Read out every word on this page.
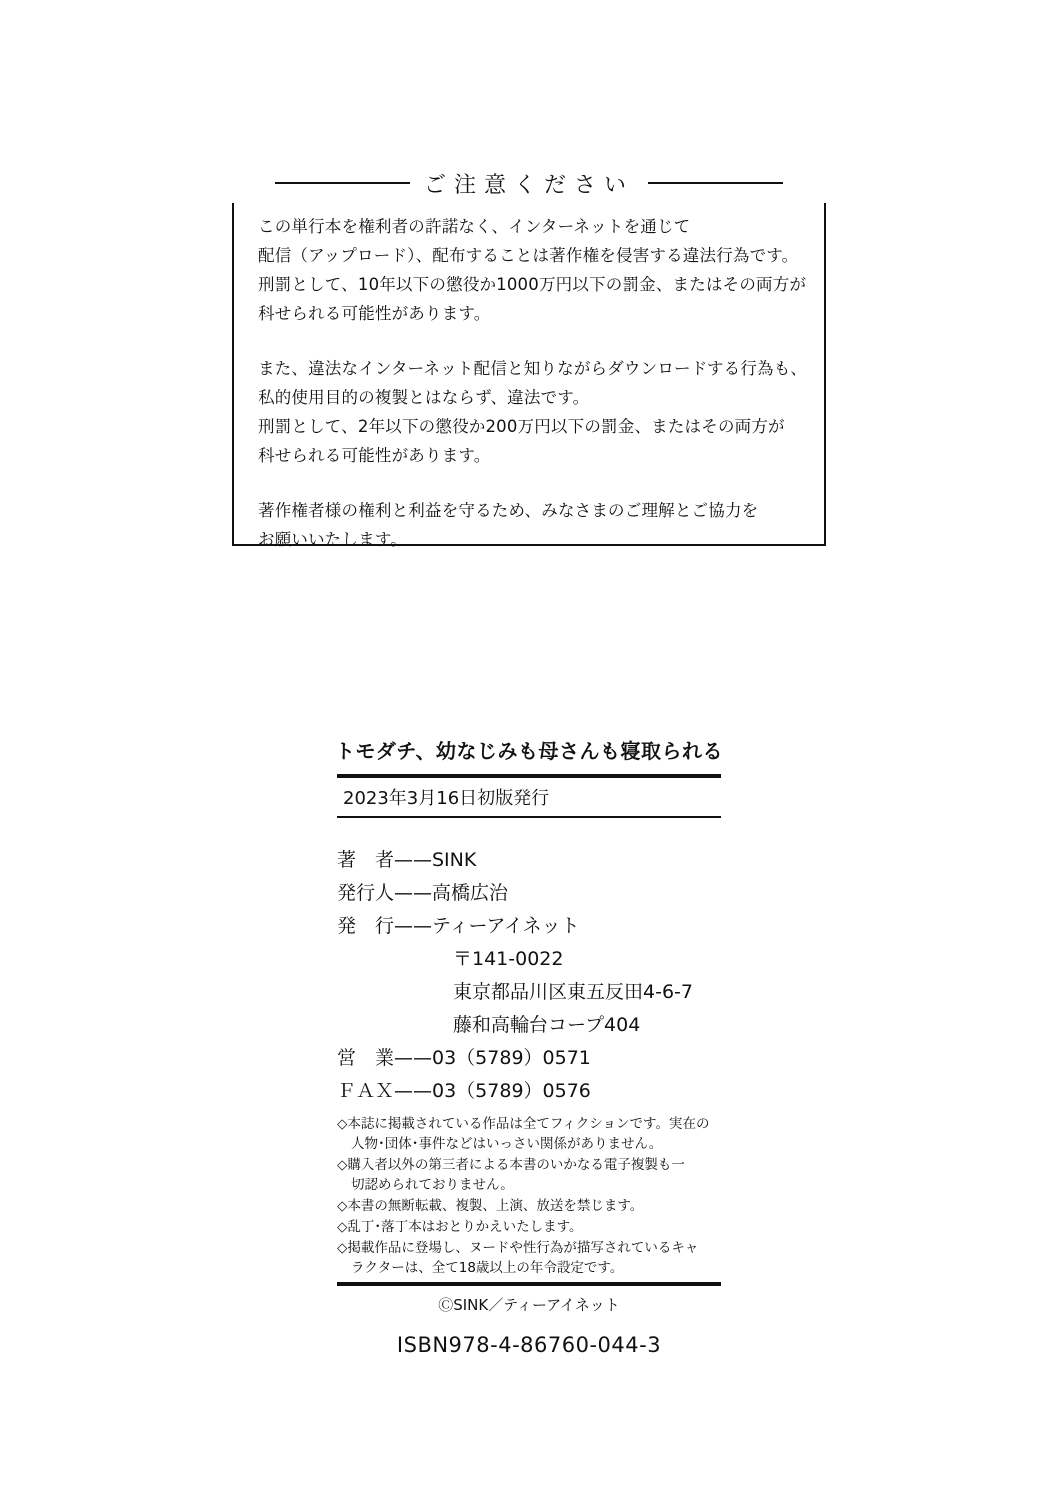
ご注意ください

この単行本を権利者の許諾なく、インターネットを通じて
配信（アップロード）、配布することは著作権を侵害する違法行為です。
刑罰として、10年以下の懲役か1000万円以下の罰金、またはその両方が
科せられる可能性があります。

また、違法なインターネット配信と知りながらダウンロードする行為も、
私的使用目的の複製とはならず、違法です。
刑罰として、2年以下の懲役か200万円以下の罰金、またはその両方が
科せられる可能性があります。

著作権者様の権利と利益を守るため、みなさまのご理解とご協力を
お願いいたします。

トモダチ、幼なじみも母さんも寝取られる
2023年3月16日初版発行
著　者——SINK
発行人——高橋広治
発　行——ティーアイネット
〒141-0022
東京都品川区東五反田4-6-7
藤和高輪台コープ404
営　業——03（5789）0571
ＦＡＸ——03（5789）0576
◇本誌に掲載されている作品は全てフィクションです。実在の
人物･団体･事件などはいっさい関係がありません。
◇購入者以外の第三者による本書のいかなる電子複製も一
切認められておりません。
◇本書の無断転載、複製、上演、放送を禁じます。
◇乱丁･落丁本はおとりかえいたします。
◇掲載作品に登場し、ヌードや性行為が描写されているキャ
ラクターは、全て18歳以上の年令設定です。
ⒸSINK／ティーアイネット
ISBN978-4-86760-044-3
